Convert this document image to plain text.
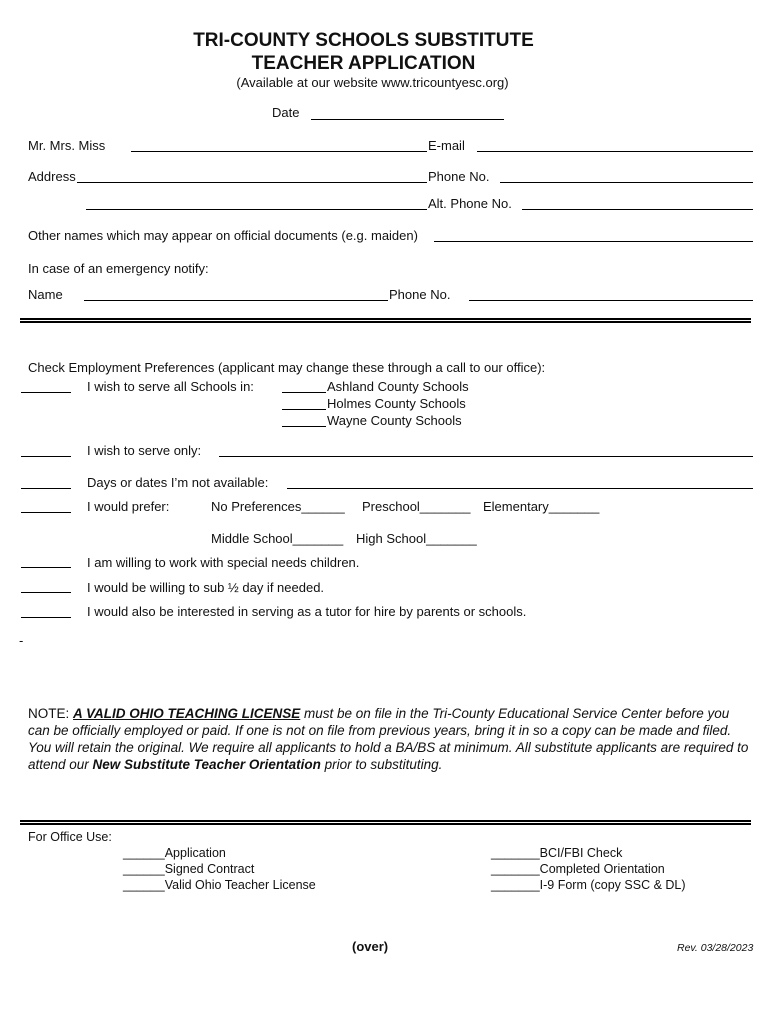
TRI-COUNTY SCHOOLS SUBSTITUTE
TEACHER APPLICATION
(Available at our website www.tricountyesc.org)
Date
Mr. Mrs. Miss	E-mail
Address	Phone No.
Alt. Phone No.
Other names which may appear on official documents (e.g. maiden)
In case of an emergency notify:
Name	Phone No.
Check Employment Preferences (applicant may change these through a call to our office):
I wish to serve all Schools in:	Ashland County Schools
Holmes County Schools
Wayne County Schools
I wish to serve only:
Days or dates I’m not available:
I would prefer:	No Preferences______ Preschool_______ Elementary_______
Middle School_______ High School_______
I am willing to work with special needs children.
I would be willing to sub ½ day if needed.
I would also be interested in serving as a tutor for hire by parents or schools.
-
NOTE: A VALID OHIO TEACHING LICENSE must be on file in the Tri-County Educational Service Center before you can be officially employed or paid. If one is not on file from previous years, bring it in so a copy can be made and filed. You will retain the original. We require all applicants to hold a BA/BS at minimum. All substitute applicants are required to attend our New Substitute Teacher Orientation prior to substituting.
For Office Use:
______Application
______Signed Contract
______Valid Ohio Teacher License
_______BCI/FBI Check
_______Completed Orientation
_______I-9 Form (copy SSC & DL)
(over)	Rev. 03/28/2023
